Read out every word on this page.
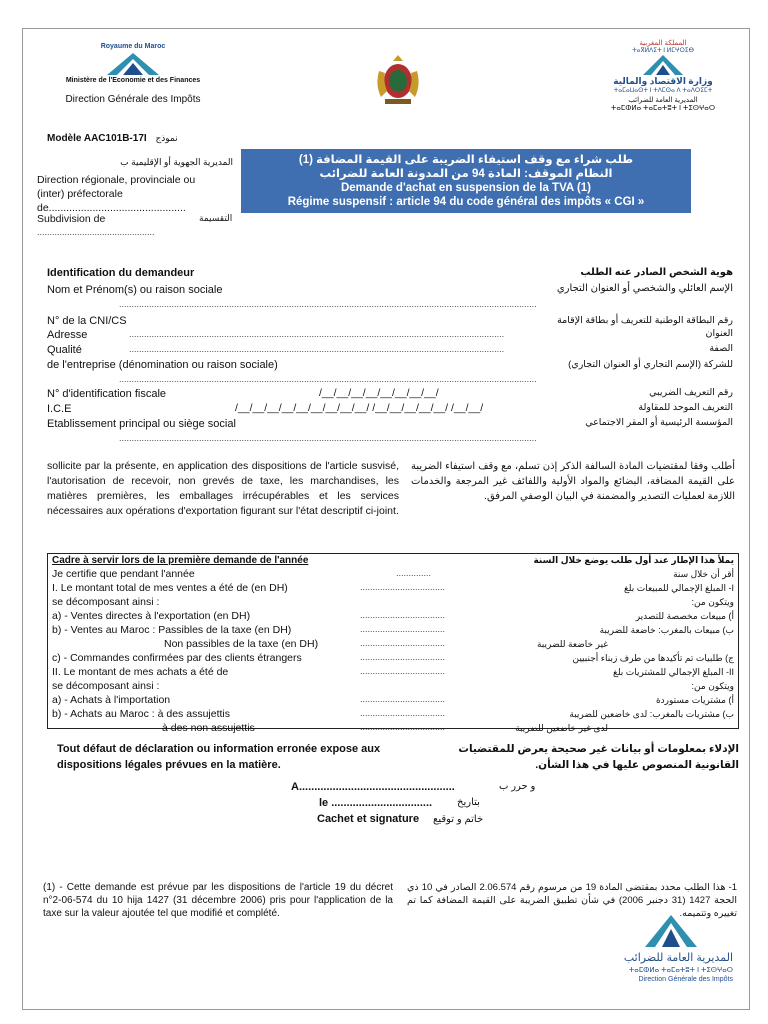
Royaume du Maroc
Ministère de l'Economie et des Finances
Direction Générale des Impôts
المملكة المغربية
ⵜⴰⴳⵍⴷⵉⵜ ⵏ ⵍⵎⵖⵔⵉⴱ
وزارة الاقتصاد والمالية
ⵜⴰⵎⴰⵡⴰⵙⵜ ⵏ ⵜⴷⵎⵙⴰ ⴷ ⵜⴰⴷⵔⵉⵎⵜ
المديرية العامة للضرائب
ⵜⴰⵎⵀⵍⴰ ⵜⴰⵎⴰⵜⵓⵜ ⵏ ⵜⵉⵙⵖⴰⵔ
Modèle AAC101B-17I نموذج
المديرية الجهوية أو الإقليمية ب
Direction régionale, provinciale ou
(inter) préfectorale
de...............................................
Subdivision de	التقسيمة
...............................................
طلب شراء مع وقف استيفاء الضريبة على القيمة المضافة (1)
النظام الموقف: المادة 94 من المدونة العامة للضرائب
Demande d'achat en suspension de la TVA (1)
Régime suspensif : article 94 du code général des impôts « CGI »
Identification du demandeur	هوية الشخص الصادر عنه الطلب
Nom et Prénom(s) ou raison sociale	الإسم العائلي والشخصي أو العنوان التجاري
.......................................................................................................................................................................
N° de la CNI/CS	رقم البطاقة الوطنية للتعريف أو بطاقة الإقامة
Adresse	......................................................................................................................................................	العنوان
Qualité	......................................................................................................................................................	الصفة
de l'entreprise (dénomination ou raison sociale)	للشركة (الإسم التجاري أو العنوان التجاري)
.......................................................................................................................................................................
N° d'identification fiscale	/__/__/__/__/__/__/__/__/	رقم التعريف الضريبي
I.C.E	/__/__/__/__/__/__/__/__/__/ /__/__/__/__/__/ /__/__/	التعريف الموحد للمقاولة
Etablissement principal ou siège social	المؤسسة الرئيسية أو المقر الاجتماعي
.......................................................................................................................................................................
sollicite par la présente, en application des dispositions de l'article susvisé, l'autorisation de recevoir, non grevés de taxe, les marchandises, les matières premières, les emballages irrécupérables et les services nécessaires aux opérations d'exportation figurant sur l'état descriptif ci-joint.
أطلب وفقا لمقتضيات المادة السالفة الذكر إذن تسلم، مع وقف استيفاء الضريبة على القيمة المضافة، البضائع والمواد الأولية واللفائف غير المرجعة والخدمات اللازمة لعمليات التصدير والمضمنة في البيان الوصفي المرفق.
Cadre à servir lors de la première demande de l'année	يملأ هذا الإطار عند أول طلب يوضع خلال السنة
Je certifie que pendant l'année	..............	أقر أن خلال سنة
I. Le montant total de mes ventes a été de (en DH)	..................................	I- المبلغ الإجمالي للمبيعات بلغ
se décomposant ainsi :	ويتكون من:
a) - Ventes directes à l'exportation (en DH)	..................................	أ) مبيعات مخصصة للتصدير
b) - Ventes au Maroc : Passibles de la taxe (en DH)	..................................	ب) مبيعات بالمغرب: خاضعة للضريبة
Non passibles de la taxe (en DH)	..................................	غير خاضعة للضريبة
c) - Commandes confirmées par des clients étrangers	..................................	ج) طلبيات تم تأكيدها من طرف زبناء أجنبيين
II. Le montant de mes achats a été de	..................................	II- المبلغ الإجمالي للمشتريات بلغ
se décomposant ainsi :	ويتكون من:
a) - Achats à l'importation	..................................	أ) مشتريات مستوردة
b) - Achats au Maroc : à des assujettis	..................................	ب) مشتريات بالمغرب: لدى خاضعين للضريبة
à des non assujettis	..................................	لدى غير خاضعين للضريبة
Tout défaut de déclaration ou information erronée expose aux dispositions légales prévues en la matière.
الإدلاء بمعلومات أو بيانات غير صحيحة يعرض للمقتضيات القانونية المنصوص عليها في هذا الشأن.
A...................................................	و حرر ب
le ................................. بتاريخ
Cachet et signature خاتم و توقيع
(1) - Cette demande est prévue par les dispositions de l'article 19 du décret n°2-06-574 du 10 hija 1427 (31 décembre 2006) pris pour l'application de la taxe sur la valeur ajoutée tel que modifié et complété.
1- هذا الطلب محدد بمقتضى المادة 19 من مرسوم رقم 2.06.574 الصادر في 10 ذي الحجة 1427 (31 دجنبر 2006) في شأن تطبيق الضريبة على القيمة المضافة كما تم تغييره وتتميمه.
المديرية العامة للضرائب
ⵜⴰⵎⵀⵍⴰ ⵜⴰⵎⴰⵜⵓⵜ ⵏ ⵜⵉⵙⵖⴰⵔ
Direction Générale des Impôts
